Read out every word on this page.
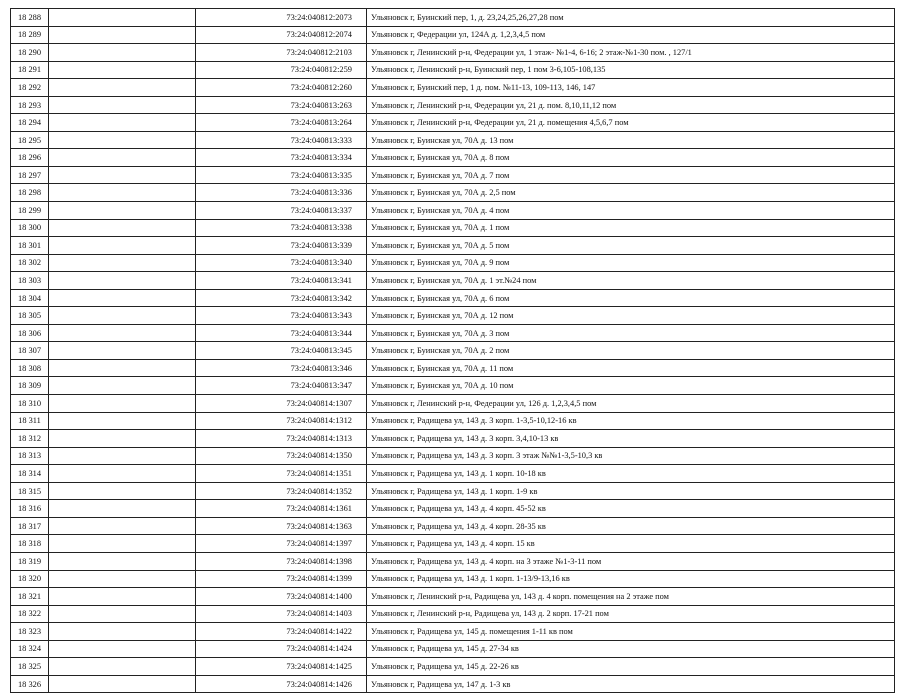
18 288		73:24:040812:2073	Ульяновск г, Буинский пер, 1, д. 23,24,25,26,27,28 пом
18 289		73:24:040812:2074	Ульяновск г, Федерации ул, 124А д. 1,2,3,4,5 пом
18 290		73:24:040812:2103	Ульяновск г, Ленинский р-н, Федерации ул, 1 этаж- №1-4, 6-16; 2 этаж-№1-30 пом. , 127/1
18 291		73:24:040812:259	Ульяновск г, Ленинский р-н, Буинский пер, 1 пом 3-6,105-108,135
18 292		73:24:040812:260	Ульяновск г, Буинский пер, 1 д. пом. №11-13, 109-113, 146, 147
18 293		73:24:040813:263	Ульяновск г, Ленинский р-н, Федерации ул, 21 д. пом. 8,10,11,12 пом
18 294		73:24:040813:264	Ульяновск г, Ленинский р-н, Федерации ул, 21 д. помещения 4,5,6,7 пом
18 295		73:24:040813:333	Ульяновск г, Буинская ул, 70А д. 13 пом
18 296		73:24:040813:334	Ульяновск г, Буинская ул, 70А д. 8 пом
18 297		73:24:040813:335	Ульяновск г, Буинская ул, 70А д. 7 пом
18 298		73:24:040813:336	Ульяновск г, Буинская ул, 70А д. 2,5 пом
18 299		73:24:040813:337	Ульяновск г, Буинская ул, 70А д. 4 пом
18 300		73:24:040813:338	Ульяновск г, Буинская ул, 70А д. 1 пом
18 301		73:24:040813:339	Ульяновск г, Буинская ул, 70А д. 5 пом
18 302		73:24:040813:340	Ульяновск г, Буинская ул, 70А д. 9 пом
18 303		73:24:040813:341	Ульяновск г, Буинская ул, 70А д. 1 эт.№24 пом
18 304		73:24:040813:342	Ульяновск г, Буинская ул, 70А д. 6 пом
18 305		73:24:040813:343	Ульяновск г, Буинская ул, 70А д. 12 пом
18 306		73:24:040813:344	Ульяновск г, Буинская ул, 70А д. 3 пом
18 307		73:24:040813:345	Ульяновск г, Буинская ул, 70А д. 2 пом
18 308		73:24:040813:346	Ульяновск г, Буинская ул, 70А д. 11 пом
18 309		73:24:040813:347	Ульяновск г, Буинская ул, 70А д. 10 пом
18 310		73:24:040814:1307	Ульяновск г, Ленинский р-н, Федерации ул, 126 д. 1,2,3,4,5 пом
18 311		73:24:040814:1312	Ульяновск г, Радищева ул, 143 д. 3 корп. 1-3,5-10,12-16 кв
18 312		73:24:040814:1313	Ульяновск г, Радищева ул, 143 д. 3 корп. 3,4,10-13 кв
18 313		73:24:040814:1350	Ульяновск г, Радищева ул, 143 д. 3 корп. 3 этаж №№1-3,5-10,3 кв
18 314		73:24:040814:1351	Ульяновск г, Радищева ул, 143 д. 1 корп. 10-18 кв
18 315		73:24:040814:1352	Ульяновск г, Радищева ул, 143 д. 1 корп. 1-9 кв
18 316		73:24:040814:1361	Ульяновск г, Радищева ул, 143 д. 4 корп. 45-52 кв
18 317		73:24:040814:1363	Ульяновск г, Радищева ул, 143 д. 4 корп. 28-35 кв
18 318		73:24:040814:1397	Ульяновск г, Радищева ул, 143 д. 4 корп. 15 кв
18 319		73:24:040814:1398	Ульяновск г, Радищева ул, 143 д. 4 корп. на 3 этаже №1-3-11 пом
18 320		73:24:040814:1399	Ульяновск г, Радищева ул, 143 д. 1 корп. 1-13/9-13,16 кв
18 321		73:24:040814:1400	Ульяновск г, Ленинский р-н, Радищева ул, 143 д. 4 корп. помещения на 2 этаже пом
18 322		73:24:040814:1403	Ульяновск г, Ленинский р-н, Радищева ул, 143 д. 2 корп. 17-21 пом
18 323		73:24:040814:1422	Ульяновск г, Радищева ул, 145 д. помещения 1-11 кв пом
18 324		73:24:040814:1424	Ульяновск г, Радищева ул, 145 д. 27-34 кв
18 325		73:24:040814:1425	Ульяновск г, Радищева ул, 145 д. 22-26 кв
18 326		73:24:040814:1426	Ульяновск г, Радищева ул, 147 д. 1-3 кв
